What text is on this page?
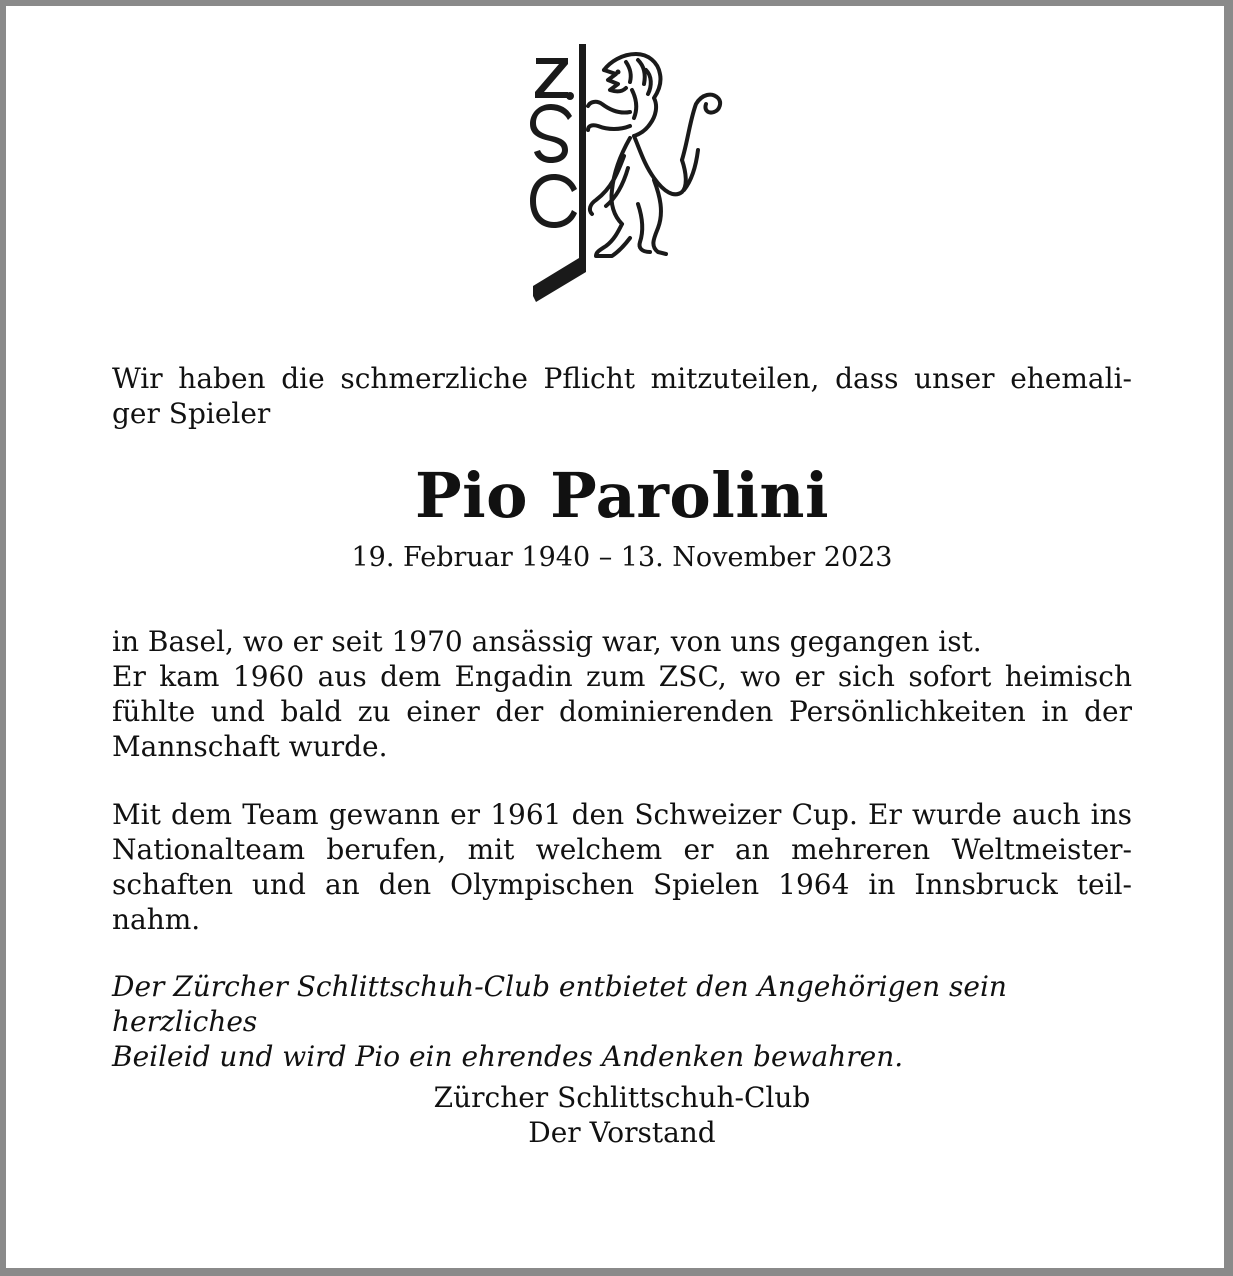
Wir haben die schmerzliche Pflicht mitzuteilen, dass unser ehemali-
ger Spieler
Pio Parolini
19. Februar 1940 – 13. November 2023
in Basel, wo er seit 1970 ansässig war, von uns gegangen ist.
Er kam 1960 aus dem Engadin zum ZSC, wo er sich sofort heimisch
fühlte und bald zu einer der dominierenden Persönlichkeiten in der
Mannschaft wurde.
Mit dem Team gewann er 1961 den Schweizer Cup. Er wurde auch ins
Nationalteam berufen, mit welchem er an mehreren Weltmeister-
schaften und an den Olympischen Spielen 1964 in Innsbruck teil-
nahm.
Der Zürcher Schlittschuh-Club entbietet den Angehörigen sein herzliches
Beileid und wird Pio ein ehrendes Andenken bewahren.
Zürcher Schlittschuh-Club
Der Vorstand
